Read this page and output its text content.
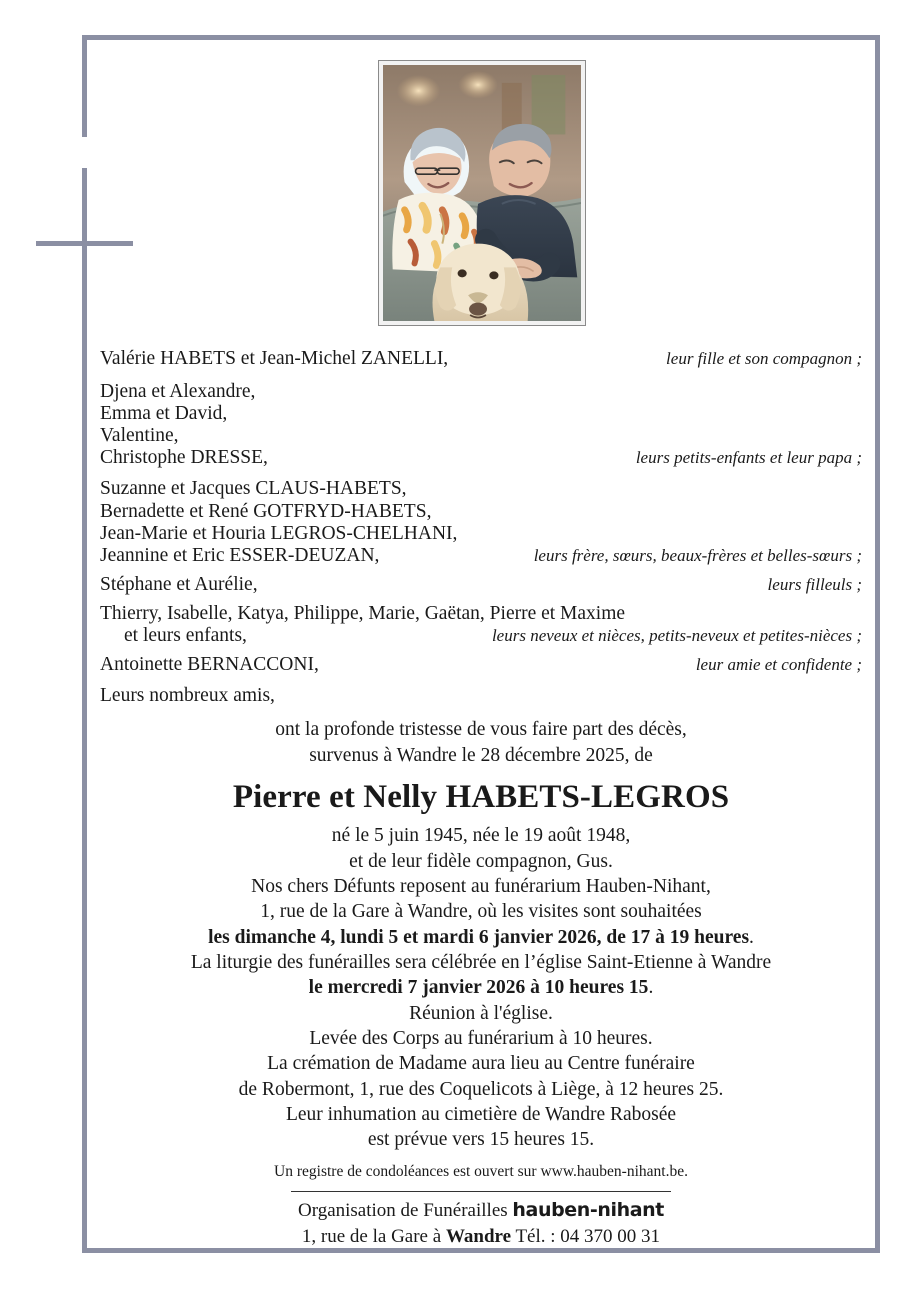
Valérie HABETS et Jean-Michel ZANELLI,	leur fille et son compagnon ;
Djena et Alexandre,
Emma et David,
Valentine,
Christophe DRESSE,	leurs petits-enfants et leur papa ;
Suzanne et Jacques CLAUS-HABETS,
Bernadette et René GOTFRYD-HABETS,
Jean-Marie et Houria LEGROS-CHELHANI,
Jeannine et Eric ESSER-DEUZAN,	leurs frère, sœurs, beaux-frères et belles-sœurs ;
Stéphane et Aurélie,	leurs filleuls ;
Thierry, Isabelle, Katya, Philippe, Marie, Gaëtan, Pierre et Maxime
et leurs enfants,	leurs neveux et nièces, petits-neveux et petites-nièces ;
Antoinette BERNACCONI,	leur amie et confidente ;
Leurs nombreux amis,
ont la profonde tristesse de vous faire part des décès,
survenus à Wandre le 28 décembre 2025, de
Pierre et Nelly HABETS-LEGROS
né le 5 juin 1945, née le 19 août 1948,
et de leur fidèle compagnon, Gus.
Nos chers Défunts reposent au funérarium Hauben-Nihant,
1, rue de la Gare à Wandre, où les visites sont souhaitées
les dimanche 4, lundi 5 et mardi 6 janvier 2026, de 17 à 19 heures.
La liturgie des funérailles sera célébrée en l’église Saint-Etienne à Wandre
le mercredi 7 janvier 2026 à 10 heures 15.
Réunion à l'église.
Levée des Corps au funérarium à 10 heures.
La crémation de Madame aura lieu au Centre funéraire
de Robermont, 1, rue des Coquelicots à Liège, à 12 heures 25.
Leur inhumation au cimetière de Wandre Rabosée
est prévue vers 15 heures 15.
Un registre de condoléances est ouvert sur www.hauben-nihant.be.
Organisation de Funérailles hauben-nihant
1, rue de la Gare à Wandre Tél. : 04 370 00 31
